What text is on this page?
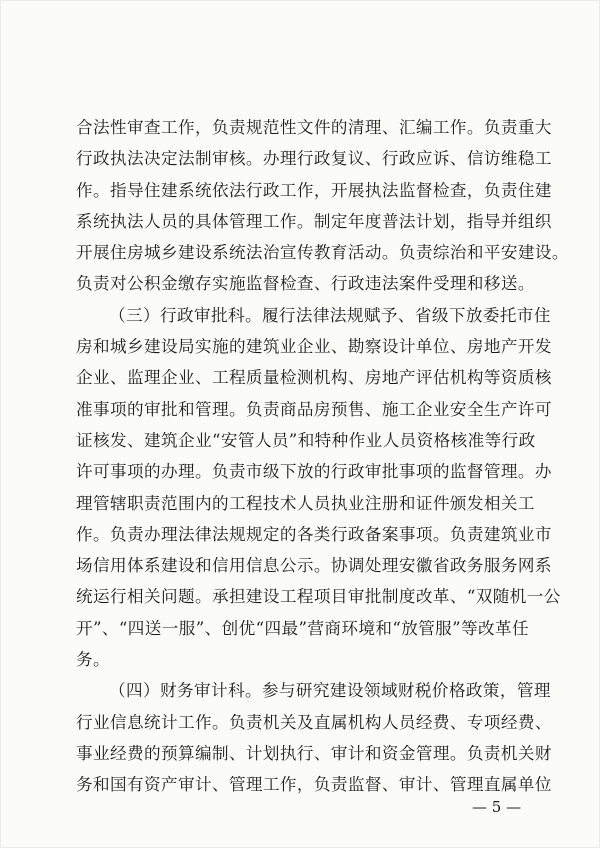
合法性审查工作，负责规范性文件的清理、汇编工作。负责重大
行政执法决定法制审核。办理行政复议、行政应诉、信访维稳工
作。指导住建系统依法行政工作，开展执法监督检查，负责住建
系统执法人员的具体管理工作。制定年度普法计划，指导并组织
开展住房城乡建设系统法治宣传教育活动。负责综治和平安建设。
负责对公积金缴存实施监督检查、行政违法案件受理和移送。
（三）行政审批科。履行法律法规赋予、省级下放委托市住
房和城乡建设局实施的建筑业企业、勘察设计单位、房地产开发
企业、监理企业、工程质量检测机构、房地产评估机构等资质核
准事项的审批和管理。负责商品房预售、施工企业安全生产许可
证核发、建筑企业“安管人员”和特种作业人员资格核准等行政
许可事项的办理。负责市级下放的行政审批事项的监督管理。办
理管辖职责范围内的工程技术人员执业注册和证件颁发相关工
作。负责办理法律法规规定的各类行政备案事项。负责建筑业市
场信用体系建设和信用信息公示。协调处理安徽省政务服务网系
统运行相关问题。承担建设工程项目审批制度改革、“双随机一公
开”、“四送一服”、创优“四最”营商环境和“放管服”等改革任
务。
（四）财务审计科。参与研究建设领域财税价格政策，管理
行业信息统计工作。负责机关及直属机构人员经费、专项经费、
事业经费的预算编制、计划执行、审计和资金管理。负责机关财
务和国有资产审计、管理工作，负责监督、审计、管理直属单位
— 5 —
